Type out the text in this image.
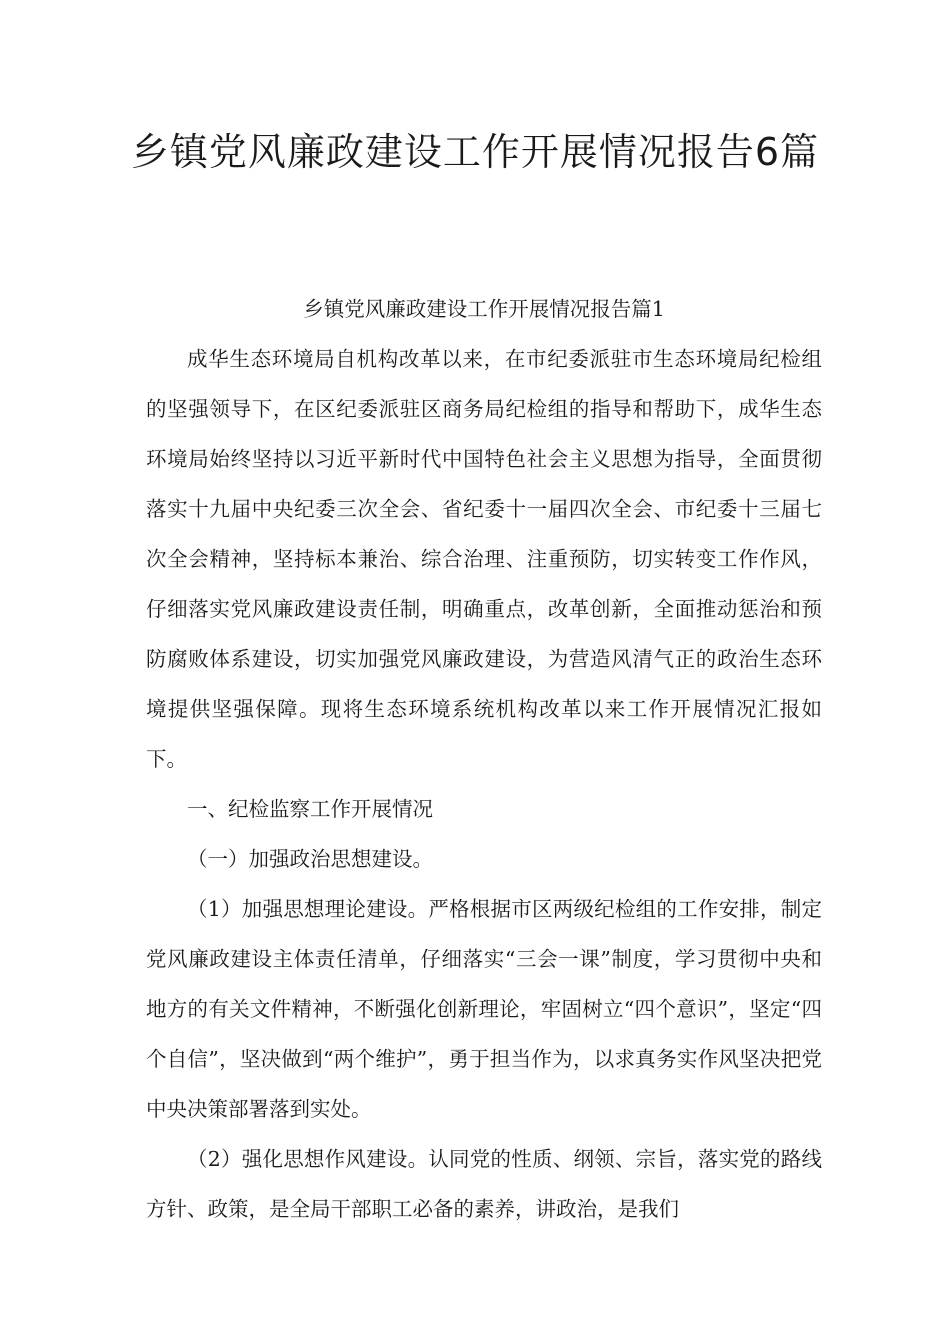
乡镇党风廉政建设工作开展情况报告6篇

乡镇党风廉政建设工作开展情况报告篇1

成华生态环境局自机构改革以来，在市纪委派驻市生态环境局纪检组的坚强领导下，在区纪委派驻区商务局纪检组的指导和帮助下，成华生态环境局始终坚持以习近平新时代中国特色社会主义思想为指导，全面贯彻落实十九届中央纪委三次全会、省纪委十一届四次全会、市纪委十三届七次全会精神，坚持标本兼治、综合治理、注重预防，切实转变工作作风，仔细落实党风廉政建设责任制，明确重点，改革创新，全面推动惩治和预防腐败体系建设，切实加强党风廉政建设，为营造风清气正的政治生态环境提供坚强保障。现将生态环境系统机构改革以来工作开展情况汇报如下。

一、纪检监察工作开展情况

（一）加强政治思想建设。

（1）加强思想理论建设。严格根据市区两级纪检组的工作安排，制定党风廉政建设主体责任清单，仔细落实“三会一课”制度，学习贯彻中央和地方的有关文件精神，不断强化创新理论，牢固树立“四个意识”，坚定“四个自信”，坚决做到“两个维护”，勇于担当作为，以求真务实作风坚决把党中央决策部署落到实处。

（2）强化思想作风建设。认同党的性质、纲领、宗旨，落实党的路线方针、政策，是全局干部职工必备的素养，讲政治，是我们
